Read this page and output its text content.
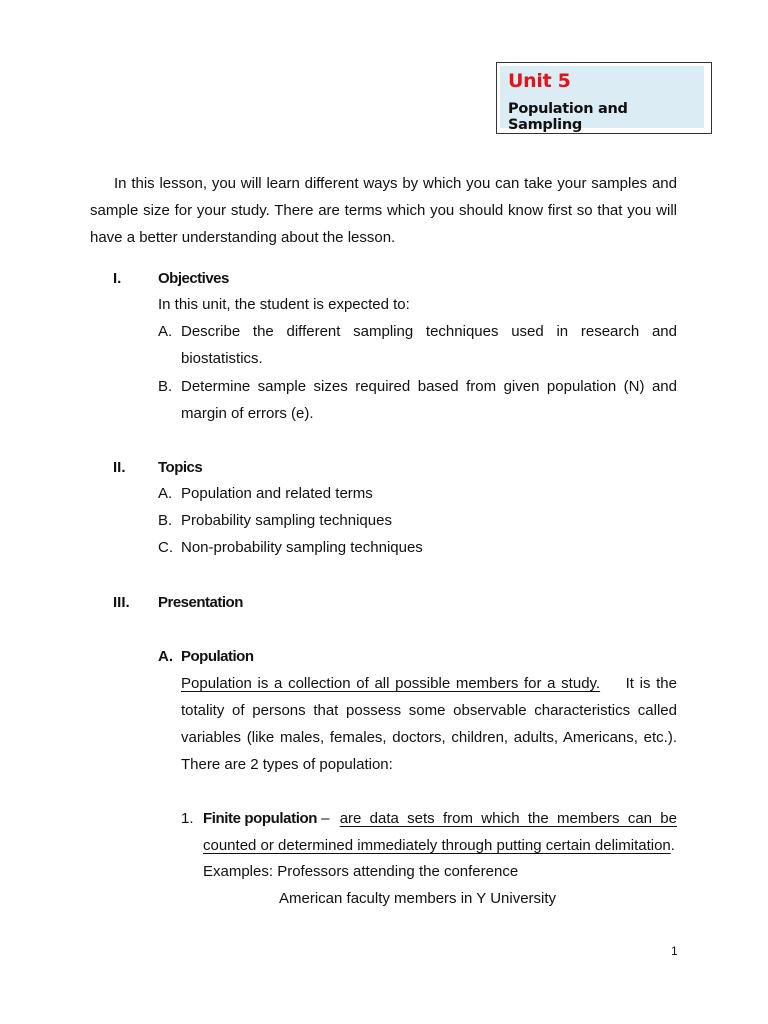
Unit 5
Population and Sampling
In this lesson, you will learn different ways by which you can take your samples and
sample size for your study. There are terms which you should know first so that you will
have a better understanding about the lesson.
I. Objectives
In this unit, the student is expected to:
A. Describe the different sampling techniques used in research and
biostatistics.
B. Determine sample sizes required based from given population (N) and
margin of errors (e).
II. Topics
A. Population and related terms
B. Probability sampling techniques
C. Non-probability sampling techniques
III. Presentation
A. Population
Population is a collection of all possible members for a study. It is the
totality of persons that possess some observable characteristics called
variables (like males, females, doctors, children, adults, Americans, etc.).
There are 2 types of population:
1. Finite population – are data sets from which the members can be
counted or determined immediately through putting certain delimitation.
Examples: Professors attending the conference
American faculty members in Y University
1
